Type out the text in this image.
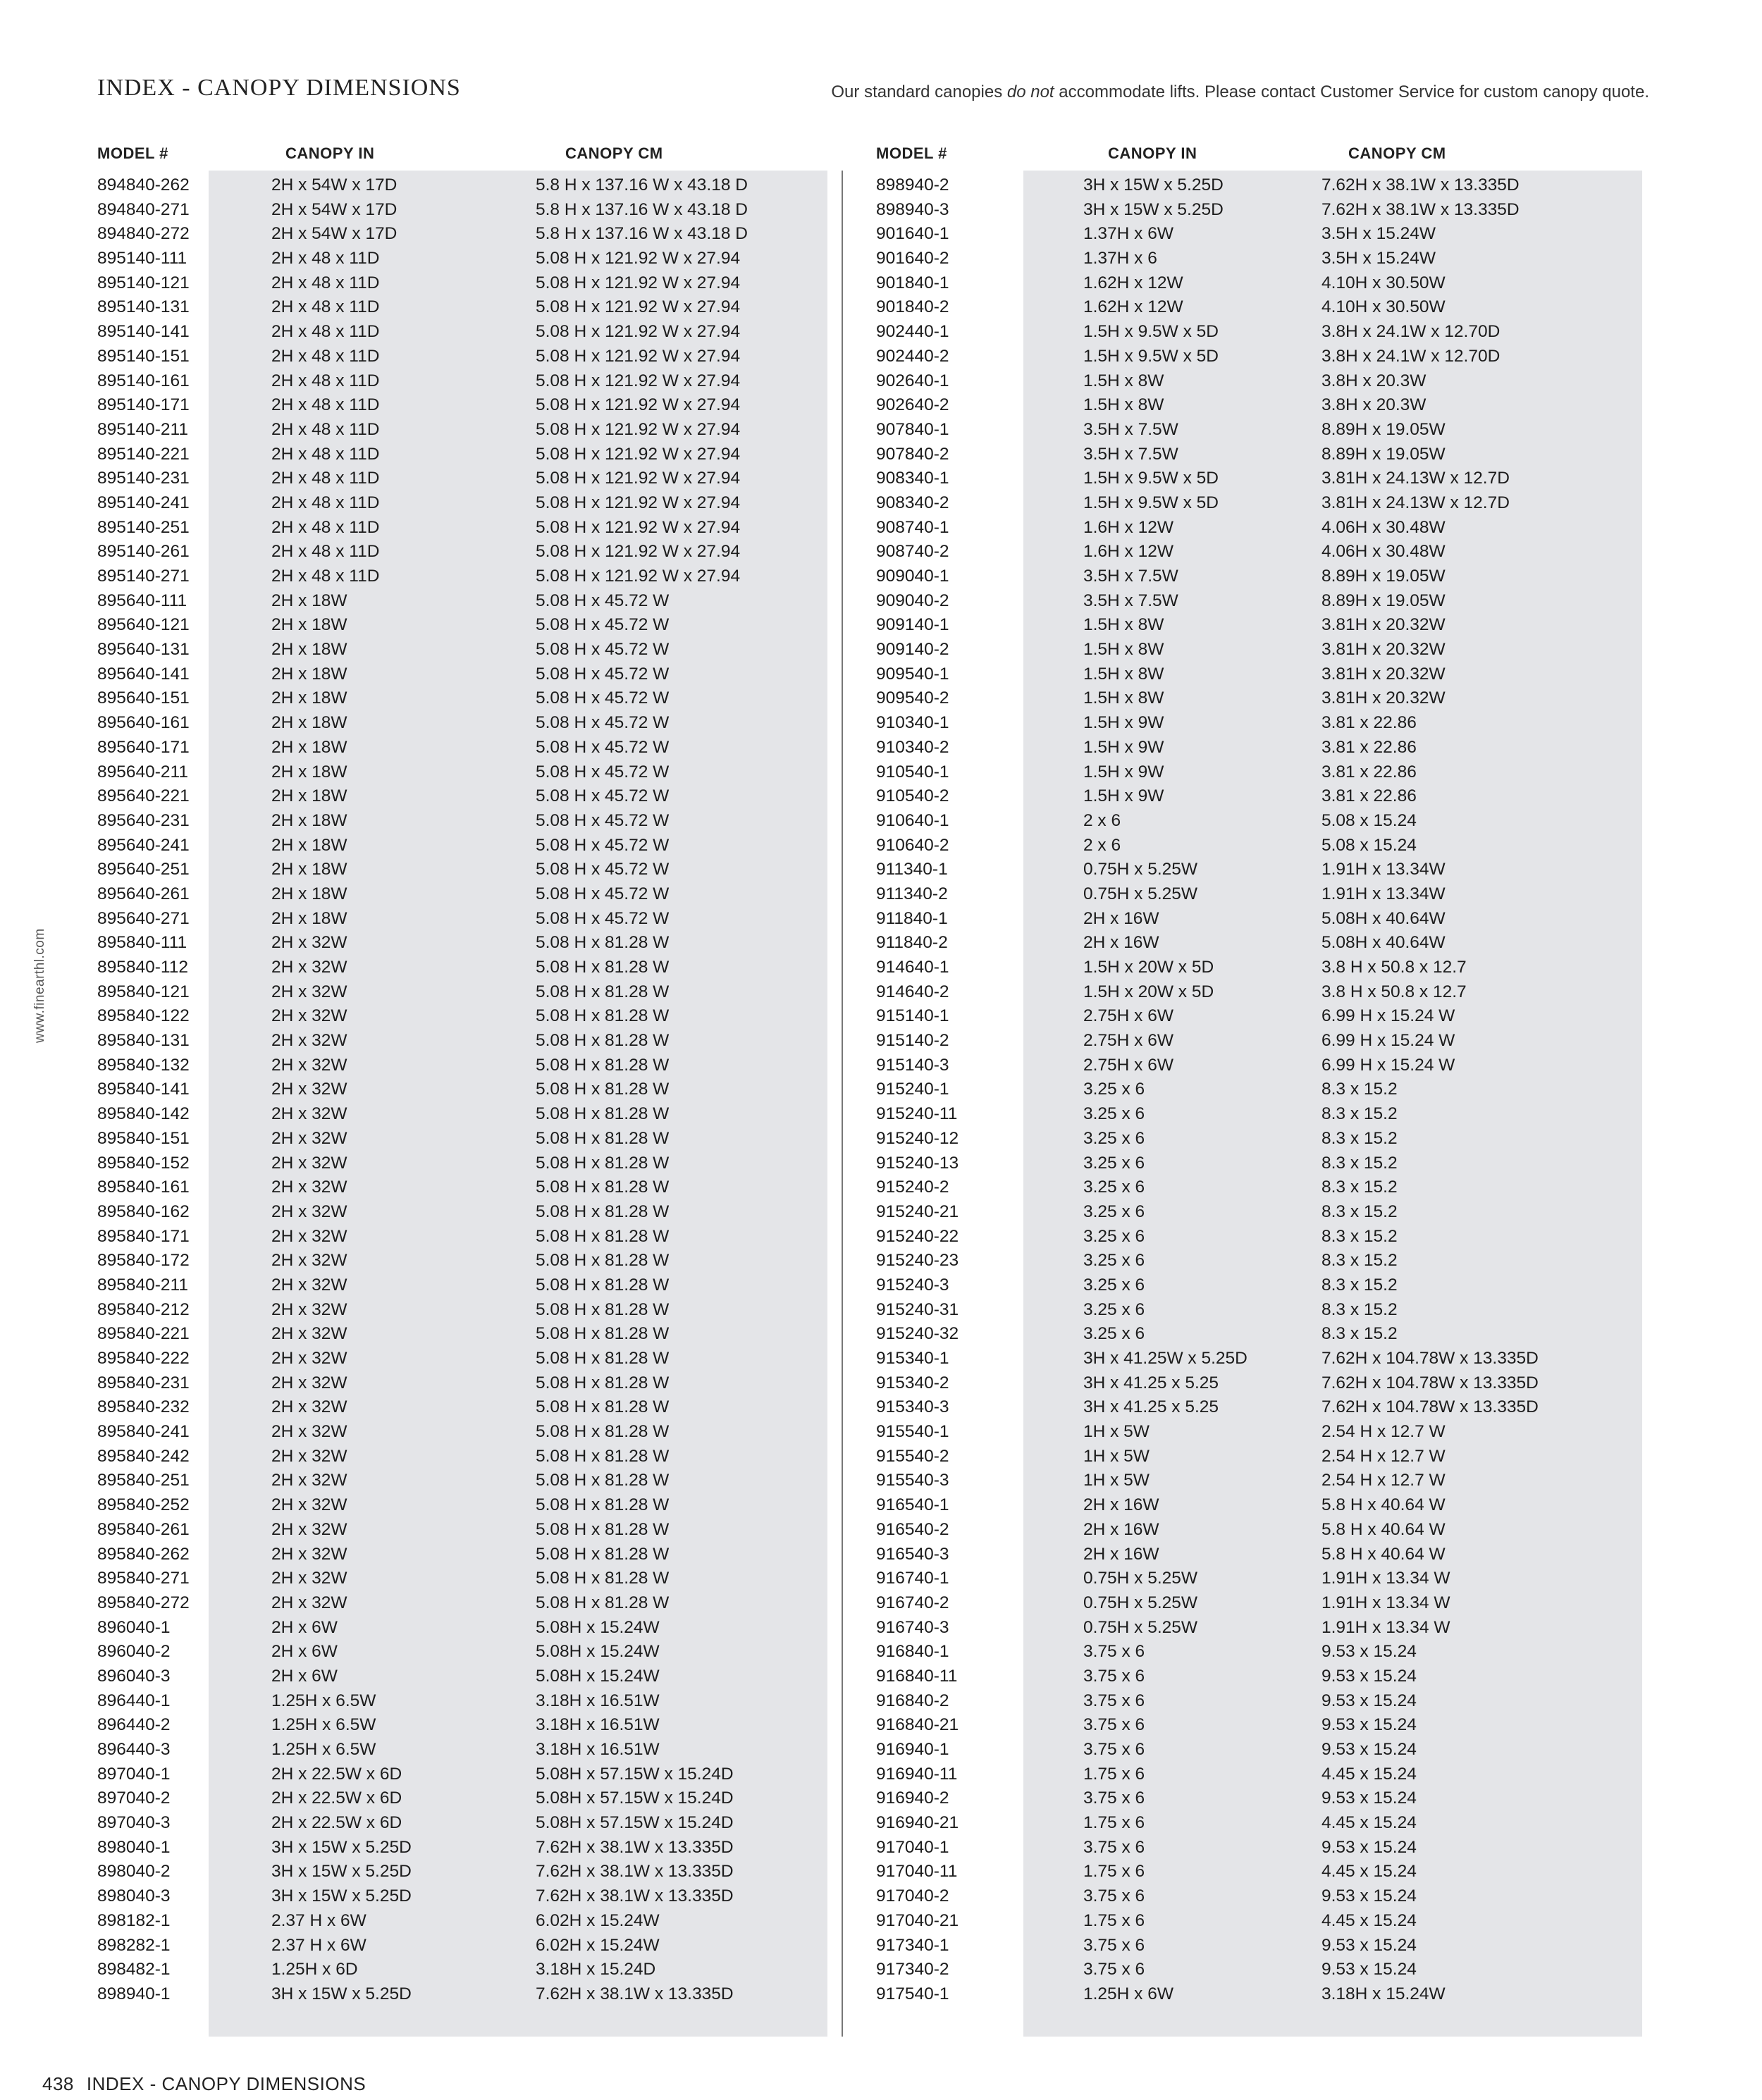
INDEX - CANOPY DIMENSIONS	Our standard canopies do not accommodate lifts. Please contact Customer Service for custom canopy quote.
MODEL #	CANOPY IN	CANOPY CM	MODEL #	CANOPY IN	CANOPY CM
894840-262	2H x 54W x 17D	5.8 H x 137.16 W x 43.18 D
894840-271	2H x 54W x 17D	5.8 H x 137.16 W x 43.18 D
894840-272	2H x 54W x 17D	5.8 H x 137.16 W x 43.18 D
895140-111	2H x 48 x 11D	5.08 H x 121.92 W x 27.94
895140-121	2H x 48 x 11D	5.08 H x 121.92 W x 27.94
895140-131	2H x 48 x 11D	5.08 H x 121.92 W x 27.94
895140-141	2H x 48 x 11D	5.08 H x 121.92 W x 27.94
895140-151	2H x 48 x 11D	5.08 H x 121.92 W x 27.94
895140-161	2H x 48 x 11D	5.08 H x 121.92 W x 27.94
895140-171	2H x 48 x 11D	5.08 H x 121.92 W x 27.94
895140-211	2H x 48 x 11D	5.08 H x 121.92 W x 27.94
895140-221	2H x 48 x 11D	5.08 H x 121.92 W x 27.94
895140-231	2H x 48 x 11D	5.08 H x 121.92 W x 27.94
895140-241	2H x 48 x 11D	5.08 H x 121.92 W x 27.94
895140-251	2H x 48 x 11D	5.08 H x 121.92 W x 27.94
895140-261	2H x 48 x 11D	5.08 H x 121.92 W x 27.94
895140-271	2H x 48 x 11D	5.08 H x 121.92 W x 27.94
895640-111	2H x 18W	5.08 H x 45.72 W
895640-121	2H x 18W	5.08 H x 45.72 W
895640-131	2H x 18W	5.08 H x 45.72 W
895640-141	2H x 18W	5.08 H x 45.72 W
895640-151	2H x 18W	5.08 H x 45.72 W
895640-161	2H x 18W	5.08 H x 45.72 W
895640-171	2H x 18W	5.08 H x 45.72 W
895640-211	2H x 18W	5.08 H x 45.72 W
895640-221	2H x 18W	5.08 H x 45.72 W
895640-231	2H x 18W	5.08 H x 45.72 W
895640-241	2H x 18W	5.08 H x 45.72 W
895640-251	2H x 18W	5.08 H x 45.72 W
895640-261	2H x 18W	5.08 H x 45.72 W
895640-271	2H x 18W	5.08 H x 45.72 W
895840-111	2H x 32W	5.08 H x 81.28 W
895840-112	2H x 32W	5.08 H x 81.28 W
895840-121	2H x 32W	5.08 H x 81.28 W
895840-122	2H x 32W	5.08 H x 81.28 W
895840-131	2H x 32W	5.08 H x 81.28 W
895840-132	2H x 32W	5.08 H x 81.28 W
895840-141	2H x 32W	5.08 H x 81.28 W
895840-142	2H x 32W	5.08 H x 81.28 W
895840-151	2H x 32W	5.08 H x 81.28 W
895840-152	2H x 32W	5.08 H x 81.28 W
895840-161	2H x 32W	5.08 H x 81.28 W
895840-162	2H x 32W	5.08 H x 81.28 W
895840-171	2H x 32W	5.08 H x 81.28 W
895840-172	2H x 32W	5.08 H x 81.28 W
895840-211	2H x 32W	5.08 H x 81.28 W
895840-212	2H x 32W	5.08 H x 81.28 W
895840-221	2H x 32W	5.08 H x 81.28 W
895840-222	2H x 32W	5.08 H x 81.28 W
895840-231	2H x 32W	5.08 H x 81.28 W
895840-232	2H x 32W	5.08 H x 81.28 W
895840-241	2H x 32W	5.08 H x 81.28 W
895840-242	2H x 32W	5.08 H x 81.28 W
895840-251	2H x 32W	5.08 H x 81.28 W
895840-252	2H x 32W	5.08 H x 81.28 W
895840-261	2H x 32W	5.08 H x 81.28 W
895840-262	2H x 32W	5.08 H x 81.28 W
895840-271	2H x 32W	5.08 H x 81.28 W
895840-272	2H x 32W	5.08 H x 81.28 W
896040-1	2H x 6W	5.08H x 15.24W
896040-2	2H x 6W	5.08H x 15.24W
896040-3	2H x 6W	5.08H x 15.24W
896440-1	1.25H x 6.5W	3.18H x 16.51W
896440-2	1.25H x 6.5W	3.18H x 16.51W
896440-3	1.25H x 6.5W	3.18H x 16.51W
897040-1	2H x 22.5W x 6D	5.08H x 57.15W x 15.24D
897040-2	2H x 22.5W x 6D	5.08H x 57.15W x 15.24D
897040-3	2H x 22.5W x 6D	5.08H x 57.15W x 15.24D
898040-1	3H x 15W x 5.25D	7.62H x 38.1W x 13.335D
898040-2	3H x 15W x 5.25D	7.62H x 38.1W x 13.335D
898040-3	3H x 15W x 5.25D	7.62H x 38.1W x 13.335D
898182-1	2.37 H x 6W	6.02H x 15.24W
898282-1	2.37 H x 6W	6.02H x 15.24W
898482-1	1.25H x 6D	3.18H x 15.24D
898940-1	3H x 15W x 5.25D	7.62H x 38.1W x 13.335D
898940-2	3H x 15W x 5.25D	7.62H x 38.1W x 13.335D
898940-3	3H x 15W x 5.25D	7.62H x 38.1W x 13.335D
901640-1	1.37H x 6W	3.5H x 15.24W
901640-2	1.37H x 6	3.5H x 15.24W
901840-1	1.62H x 12W	4.10H x 30.50W
901840-2	1.62H x 12W	4.10H x 30.50W
902440-1	1.5H x 9.5W x 5D	3.8H x 24.1W x 12.70D
902440-2	1.5H x 9.5W x 5D	3.8H x 24.1W x 12.70D
902640-1	1.5H x 8W	3.8H x 20.3W
902640-2	1.5H x 8W	3.8H x 20.3W
907840-1	3.5H x 7.5W	8.89H x 19.05W
907840-2	3.5H x 7.5W	8.89H x 19.05W
908340-1	1.5H x 9.5W x 5D	3.81H x 24.13W x 12.7D
908340-2	1.5H x 9.5W x 5D	3.81H x 24.13W x 12.7D
908740-1	1.6H x 12W	4.06H x 30.48W
908740-2	1.6H x 12W	4.06H x 30.48W
909040-1	3.5H x 7.5W	8.89H x 19.05W
909040-2	3.5H x 7.5W	8.89H x 19.05W
909140-1	1.5H x 8W	3.81H x 20.32W
909140-2	1.5H x 8W	3.81H x 20.32W
909540-1	1.5H x 8W	3.81H x 20.32W
909540-2	1.5H x 8W	3.81H x 20.32W
910340-1	1.5H x 9W	3.81 x 22.86
910340-2	1.5H x 9W	3.81 x 22.86
910540-1	1.5H x 9W	3.81 x 22.86
910540-2	1.5H x 9W	3.81 x 22.86
910640-1	2 x 6	5.08 x 15.24
910640-2	2 x 6	5.08 x 15.24
911340-1	0.75H x 5.25W	1.91H x 13.34W
911340-2	0.75H x 5.25W	1.91H x 13.34W
911840-1	2H x 16W	5.08H x 40.64W
911840-2	2H x 16W	5.08H x 40.64W
914640-1	1.5H x 20W x 5D	3.8 H x 50.8 x 12.7
914640-2	1.5H x 20W x 5D	3.8 H x 50.8 x 12.7
915140-1	2.75H x 6W	6.99 H x 15.24 W
915140-2	2.75H x 6W	6.99 H x 15.24 W
915140-3	2.75H x 6W	6.99 H x 15.24 W
915240-1	3.25 x 6	8.3 x 15.2
915240-11	3.25 x 6	8.3 x 15.2
915240-12	3.25 x 6	8.3 x 15.2
915240-13	3.25 x 6	8.3 x 15.2
915240-2	3.25 x 6	8.3 x 15.2
915240-21	3.25 x 6	8.3 x 15.2
915240-22	3.25 x 6	8.3 x 15.2
915240-23	3.25 x 6	8.3 x 15.2
915240-3	3.25 x 6	8.3 x 15.2
915240-31	3.25 x 6	8.3 x 15.2
915240-32	3.25 x 6	8.3 x 15.2
915340-1	3H x 41.25W x 5.25D	7.62H x 104.78W x 13.335D
915340-2	3H x 41.25 x 5.25	7.62H x 104.78W x 13.335D
915340-3	3H x 41.25 x 5.25	7.62H x 104.78W x 13.335D
915540-1	1H x 5W	2.54 H x 12.7 W
915540-2	1H x 5W	2.54 H x 12.7 W
915540-3	1H x 5W	2.54 H x 12.7 W
916540-1	2H x 16W	5.8 H x 40.64 W
916540-2	2H x 16W	5.8 H x 40.64 W
916540-3	2H x 16W	5.8 H x 40.64 W
916740-1	0.75H x 5.25W	1.91H x 13.34 W
916740-2	0.75H x 5.25W	1.91H x 13.34 W
916740-3	0.75H x 5.25W	1.91H x 13.34 W
916840-1	3.75 x 6	9.53 x 15.24
916840-11	3.75 x 6	9.53 x 15.24
916840-2	3.75 x 6	9.53 x 15.24
916840-21	3.75 x 6	9.53 x 15.24
916940-1	3.75 x 6	9.53 x 15.24
916940-11	1.75 x 6	4.45 x 15.24
916940-2	3.75 x 6	9.53 x 15.24
916940-21	1.75 x 6	4.45 x 15.24
917040-1	3.75 x 6	9.53 x 15.24
917040-11	1.75 x 6	4.45 x 15.24
917040-2	3.75 x 6	9.53 x 15.24
917040-21	1.75 x 6	4.45 x 15.24
917340-1	3.75 x 6	9.53 x 15.24
917340-2	3.75 x 6	9.53 x 15.24
917540-1	1.25H x 6W	3.18H x 15.24W
www.finearthl.com
438 INDEX - CANOPY DIMENSIONS
